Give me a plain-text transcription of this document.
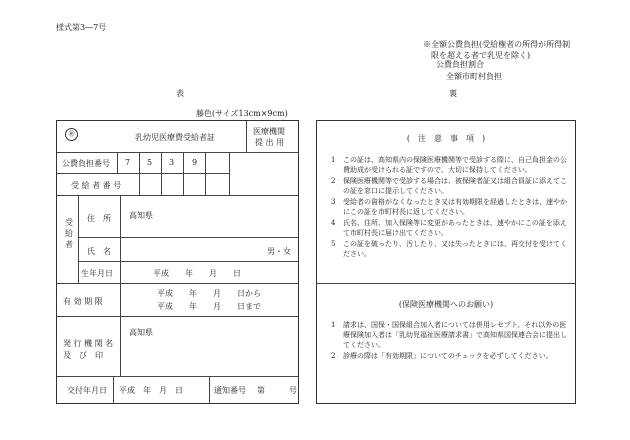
様式第3―7号
※全額公費負担(受給権者の所得が所得制
限を超える者で乳児を除く)
公費負担割合
全額市町村負担
表	裏
藤色(サイズ13cm×9cm)
㊙	乳幼児医療費受給者証
医療機関
提 出 用
公費負担番号 7 5 3 9
受 給 者 番 号
受
給
者
住　所 高知県
氏　名	男・女
生年月日	平成　　年　　月　　日
有 効 期 限
平成　　年　　月　　日から
平成　　年　　月　　日まで
発 行 機 関 名
及　び　印
高知県
交付年月日 平成　年　月　日	通知番号 第　　　号
(　注　意　事　項　)
1 この証は、高知県内の保険医療機関等で受診する際に、自己負担金の公費助成が受けられる証ですので、大切に保持してください。
2 保険医療機関等で受診する場合は、被保険者証又は組合員証に添えてこの証を窓口に提示してください。
3 受給者の資格がなくなったとき又は有効期限を経過したときは、速やかにこの証を市町村長に返してください。
4 氏名、住所、加入保険等に変更があったときは、速やかにこの証を添えて市町村長に届け出てください。
5 この証を破ったり、汚したり、又は失ったときには、再交付を受けてください。
(保険医療機関へのお願い)
1 請求は、国保・国保組合加入者については併用レセプト、それ以外の医療保険加入者は「乳幼児福祉医療請求書」で高知県国保連合会に提出してください。
2 診療の際は「有効期限」についてのチェックを必ずしてください。
